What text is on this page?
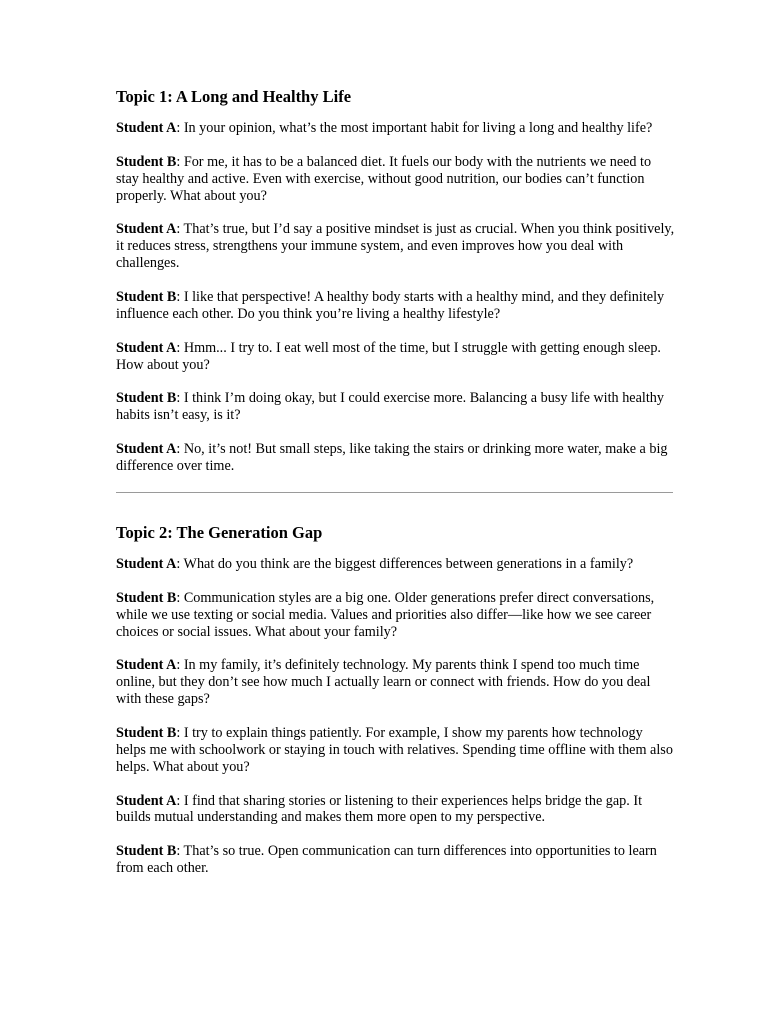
Topic 1: A Long and Healthy Life
Student A: In your opinion, what’s the most important habit for living a long and healthy life?
Student B: For me, it has to be a balanced diet. It fuels our body with the nutrients we need to stay healthy and active. Even with exercise, without good nutrition, our bodies can’t function properly. What about you?
Student A: That’s true, but I’d say a positive mindset is just as crucial. When you think positively, it reduces stress, strengthens your immune system, and even improves how you deal with challenges.
Student B: I like that perspective! A healthy body starts with a healthy mind, and they definitely influence each other. Do you think you’re living a healthy lifestyle?
Student A: Hmm... I try to. I eat well most of the time, but I struggle with getting enough sleep. How about you?
Student B: I think I’m doing okay, but I could exercise more. Balancing a busy life with healthy habits isn’t easy, is it?
Student A: No, it’s not! But small steps, like taking the stairs or drinking more water, make a big difference over time.
Topic 2: The Generation Gap
Student A: What do you think are the biggest differences between generations in a family?
Student B: Communication styles are a big one. Older generations prefer direct conversations, while we use texting or social media. Values and priorities also differ—like how we see career choices or social issues. What about your family?
Student A: In my family, it’s definitely technology. My parents think I spend too much time online, but they don’t see how much I actually learn or connect with friends. How do you deal with these gaps?
Student B: I try to explain things patiently. For example, I show my parents how technology helps me with schoolwork or staying in touch with relatives. Spending time offline with them also helps. What about you?
Student A: I find that sharing stories or listening to their experiences helps bridge the gap. It builds mutual understanding and makes them more open to my perspective.
Student B: That’s so true. Open communication can turn differences into opportunities to learn from each other.
